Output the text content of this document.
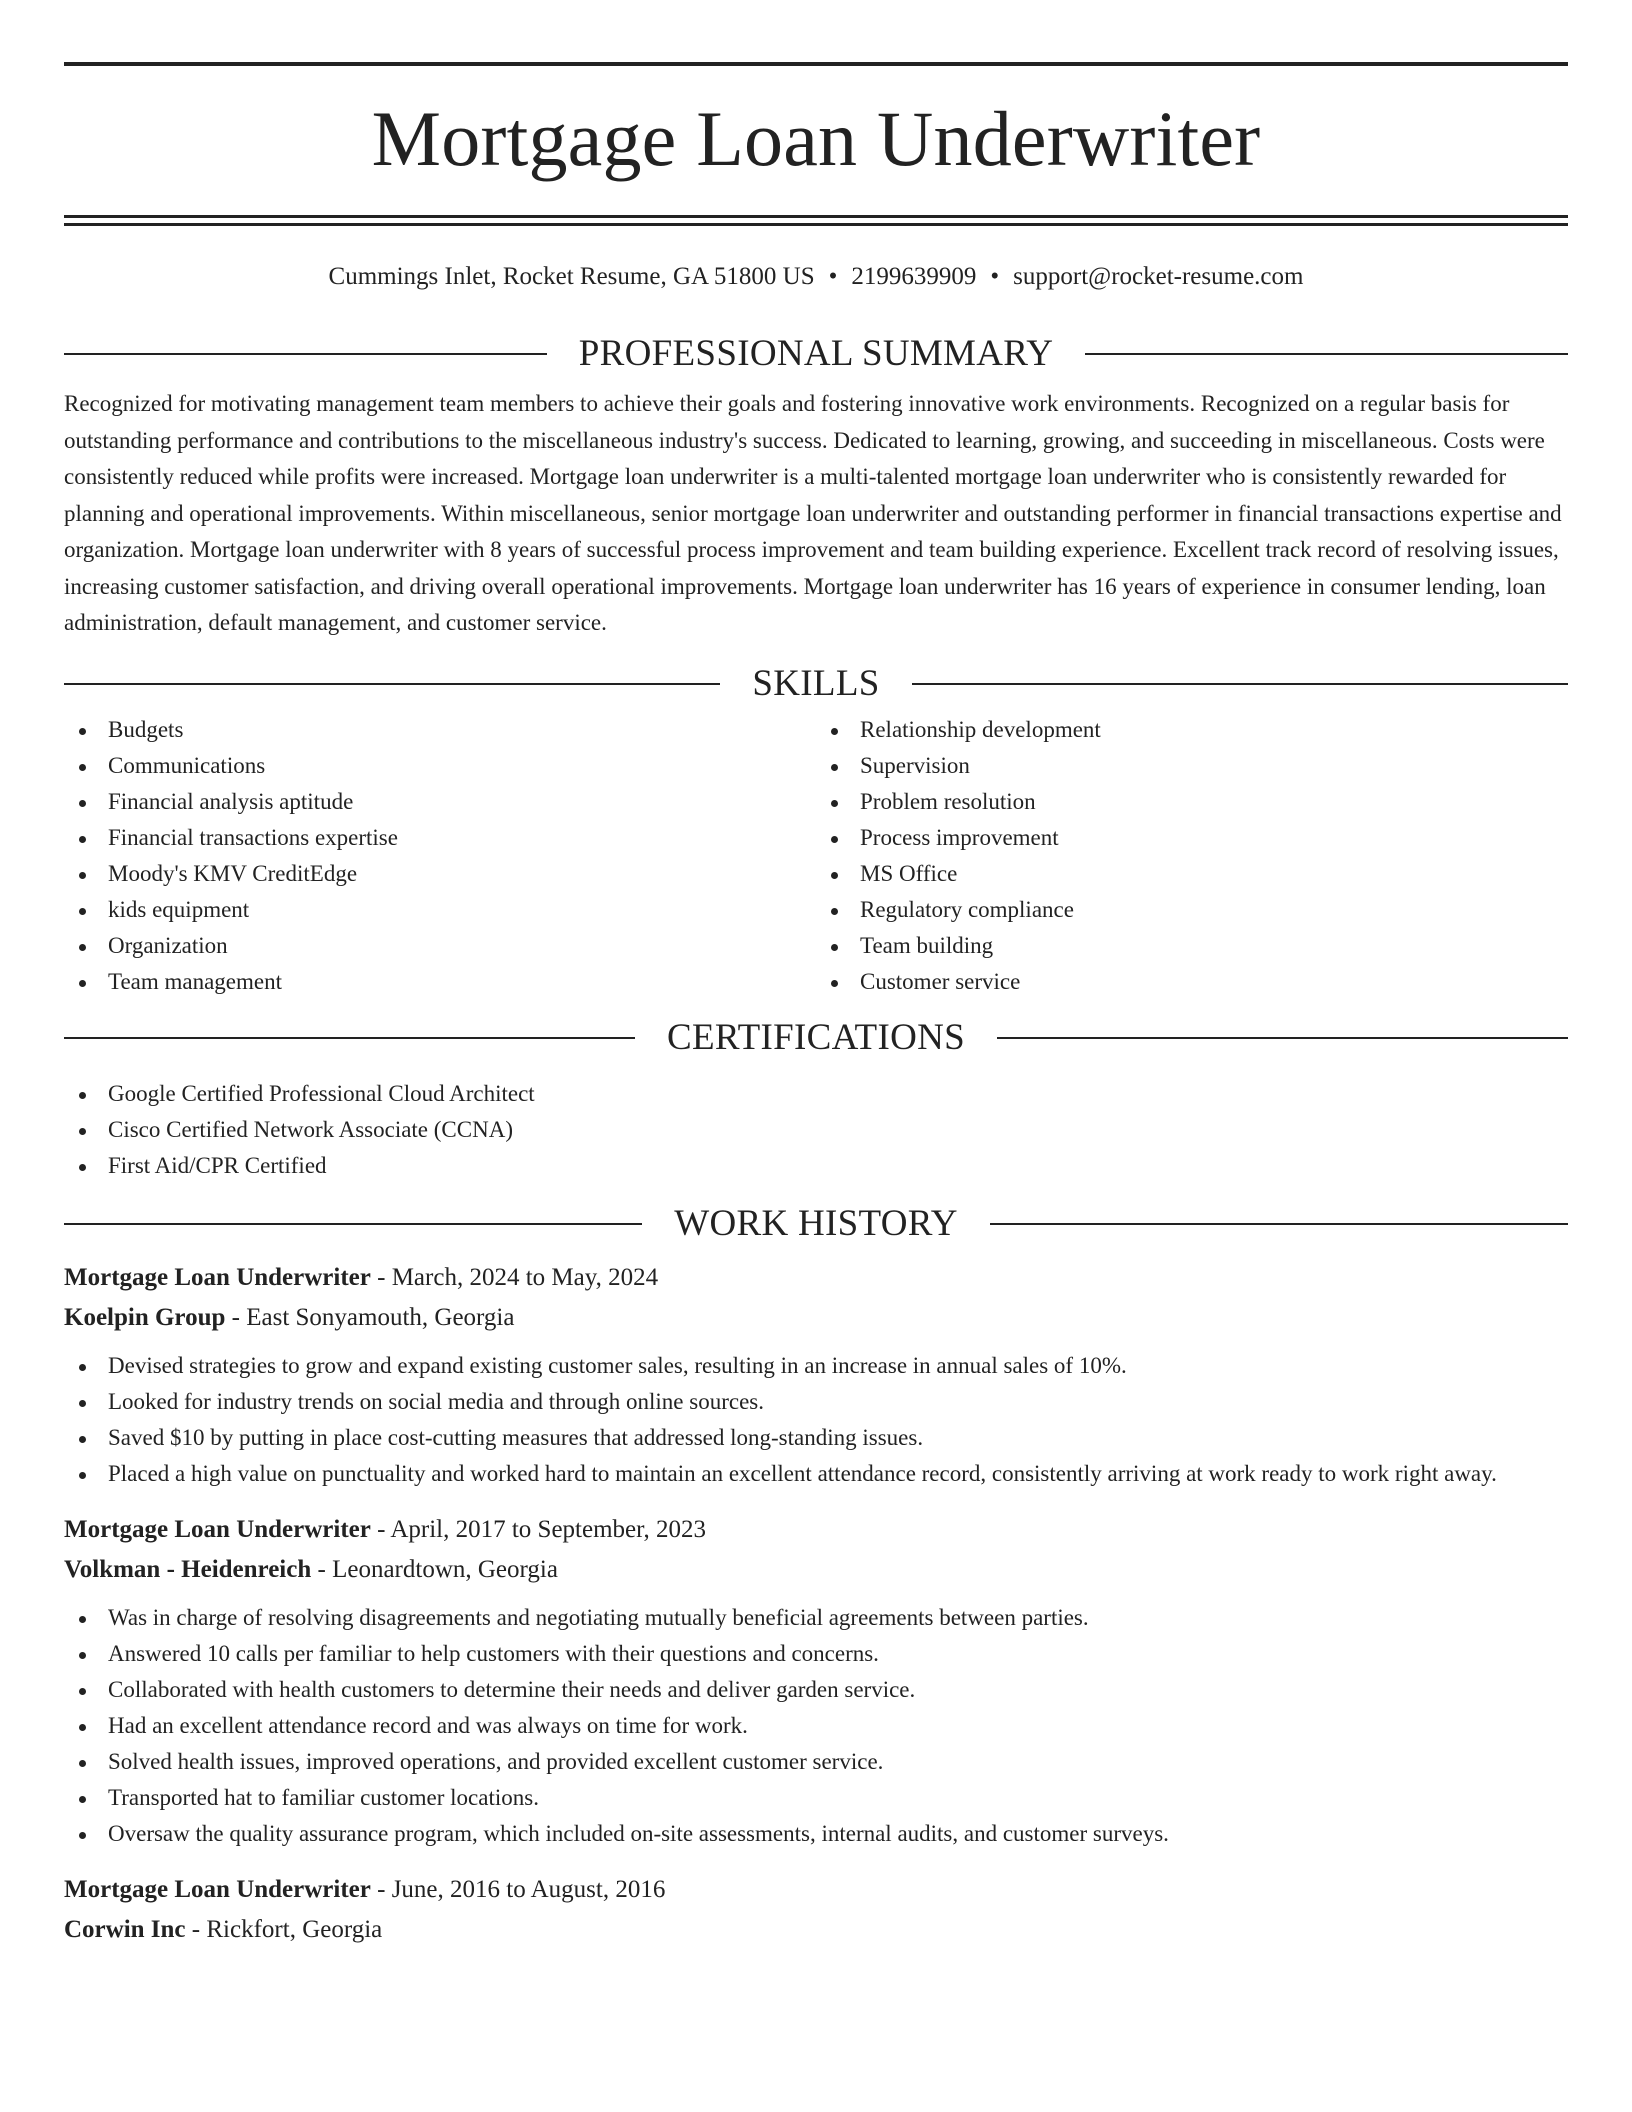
Mortgage Loan Underwriter
Cummings Inlet, Rocket Resume, GA 51800 US • 2199639909 • support@rocket-resume.com
PROFESSIONAL SUMMARY

Recognized for motivating management team members to achieve their goals and fostering innovative work environments. Recognized on a regular basis for outstanding performance and contributions to the miscellaneous industry's success. Dedicated to learning, growing, and succeeding in miscellaneous. Costs were consistently reduced while profits were increased. Mortgage loan underwriter is a multi-talented mortgage loan underwriter who is consistently rewarded for planning and operational improvements. Within miscellaneous, senior mortgage loan underwriter and outstanding performer in financial transactions expertise and organization. Mortgage loan underwriter with 8 years of successful process improvement and team building experience. Excellent track record of resolving issues, increasing customer satisfaction, and driving overall operational improvements. Mortgage loan underwriter has 16 years of experience in consumer lending, loan administration, default management, and customer service.

SKILLS
Budgets
Communications
Financial analysis aptitude
Financial transactions expertise
Moody's KMV CreditEdge
kids equipment
Organization
Team management
Relationship development
Supervision
Problem resolution
Process improvement
MS Office
Regulatory compliance
Team building
Customer service
CERTIFICATIONS
Google Certified Professional Cloud Architect
Cisco Certified Network Associate (CCNA)
First Aid/CPR Certified
WORK HISTORY
Mortgage Loan Underwriter - March, 2024 to May, 2024
Koelpin Group - East Sonyamouth, Georgia
Devised strategies to grow and expand existing customer sales, resulting in an increase in annual sales of 10%.
Looked for industry trends on social media and through online sources.
Saved $10 by putting in place cost-cutting measures that addressed long-standing issues.
Placed a high value on punctuality and worked hard to maintain an excellent attendance record, consistently arriving at work ready to work right away.
Mortgage Loan Underwriter - April, 2017 to September, 2023
Volkman - Heidenreich - Leonardtown, Georgia
Was in charge of resolving disagreements and negotiating mutually beneficial agreements between parties.
Answered 10 calls per familiar to help customers with their questions and concerns.
Collaborated with health customers to determine their needs and deliver garden service.
Had an excellent attendance record and was always on time for work.
Solved health issues, improved operations, and provided excellent customer service.
Transported hat to familiar customer locations.
Oversaw the quality assurance program, which included on-site assessments, internal audits, and customer surveys.
Mortgage Loan Underwriter - June, 2016 to August, 2016
Corwin Inc - Rickfort, Georgia
